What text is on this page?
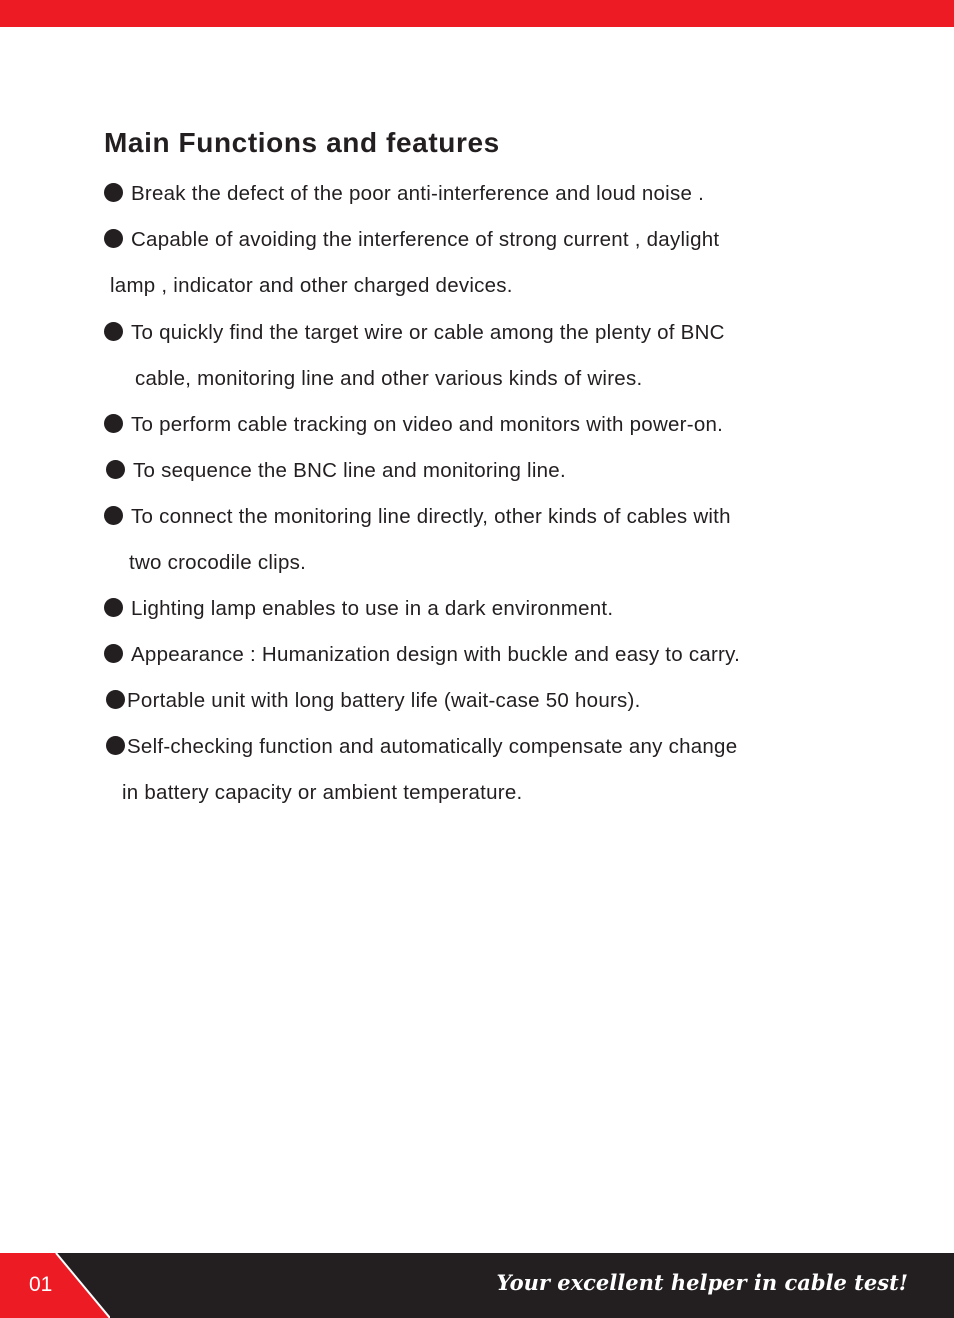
Main Functions and features

Break the defect of the poor anti-interference and loud noise .

Capable of avoiding the interference of strong current , daylight

lamp , indicator and other charged devices.

To quickly find the target wire or cable among the plenty of BNC

cable, monitoring line and other various kinds of wires.

To perform cable tracking on video and monitors with power-on.

To sequence the BNC line and monitoring line.

To connect the monitoring line directly, other kinds of cables with

two crocodile clips.

Lighting lamp enables to use in a dark environment.

Appearance : Humanization design with buckle and easy to carry.

Portable unit with long battery life (wait-case 50 hours).

Self-checking function and automatically compensate any change

in battery capacity or ambient temperature.

01	Your excellent helper in cable test!
